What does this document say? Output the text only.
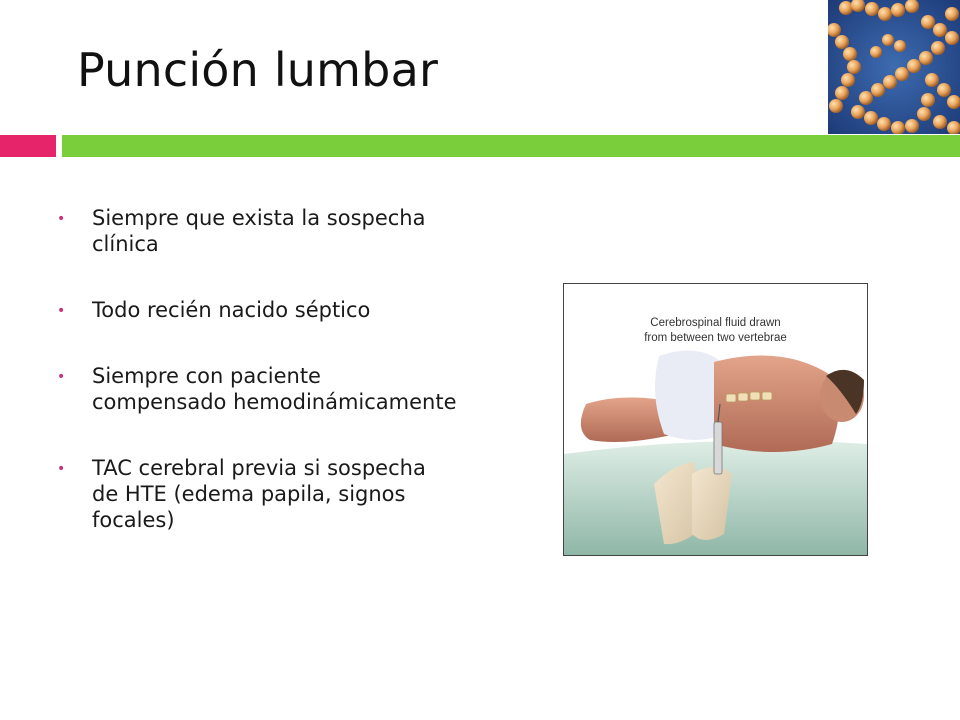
Punción lumbar
• Siempre que exista la sospecha
clínica
• Todo recién nacido séptico
• Siempre con paciente
compensado hemodinámicamente
• TAC cerebral previa si sospecha
de HTE (edema papila, signos
focales)
Cerebrospinal fluid drawn
from between two vertebrae
